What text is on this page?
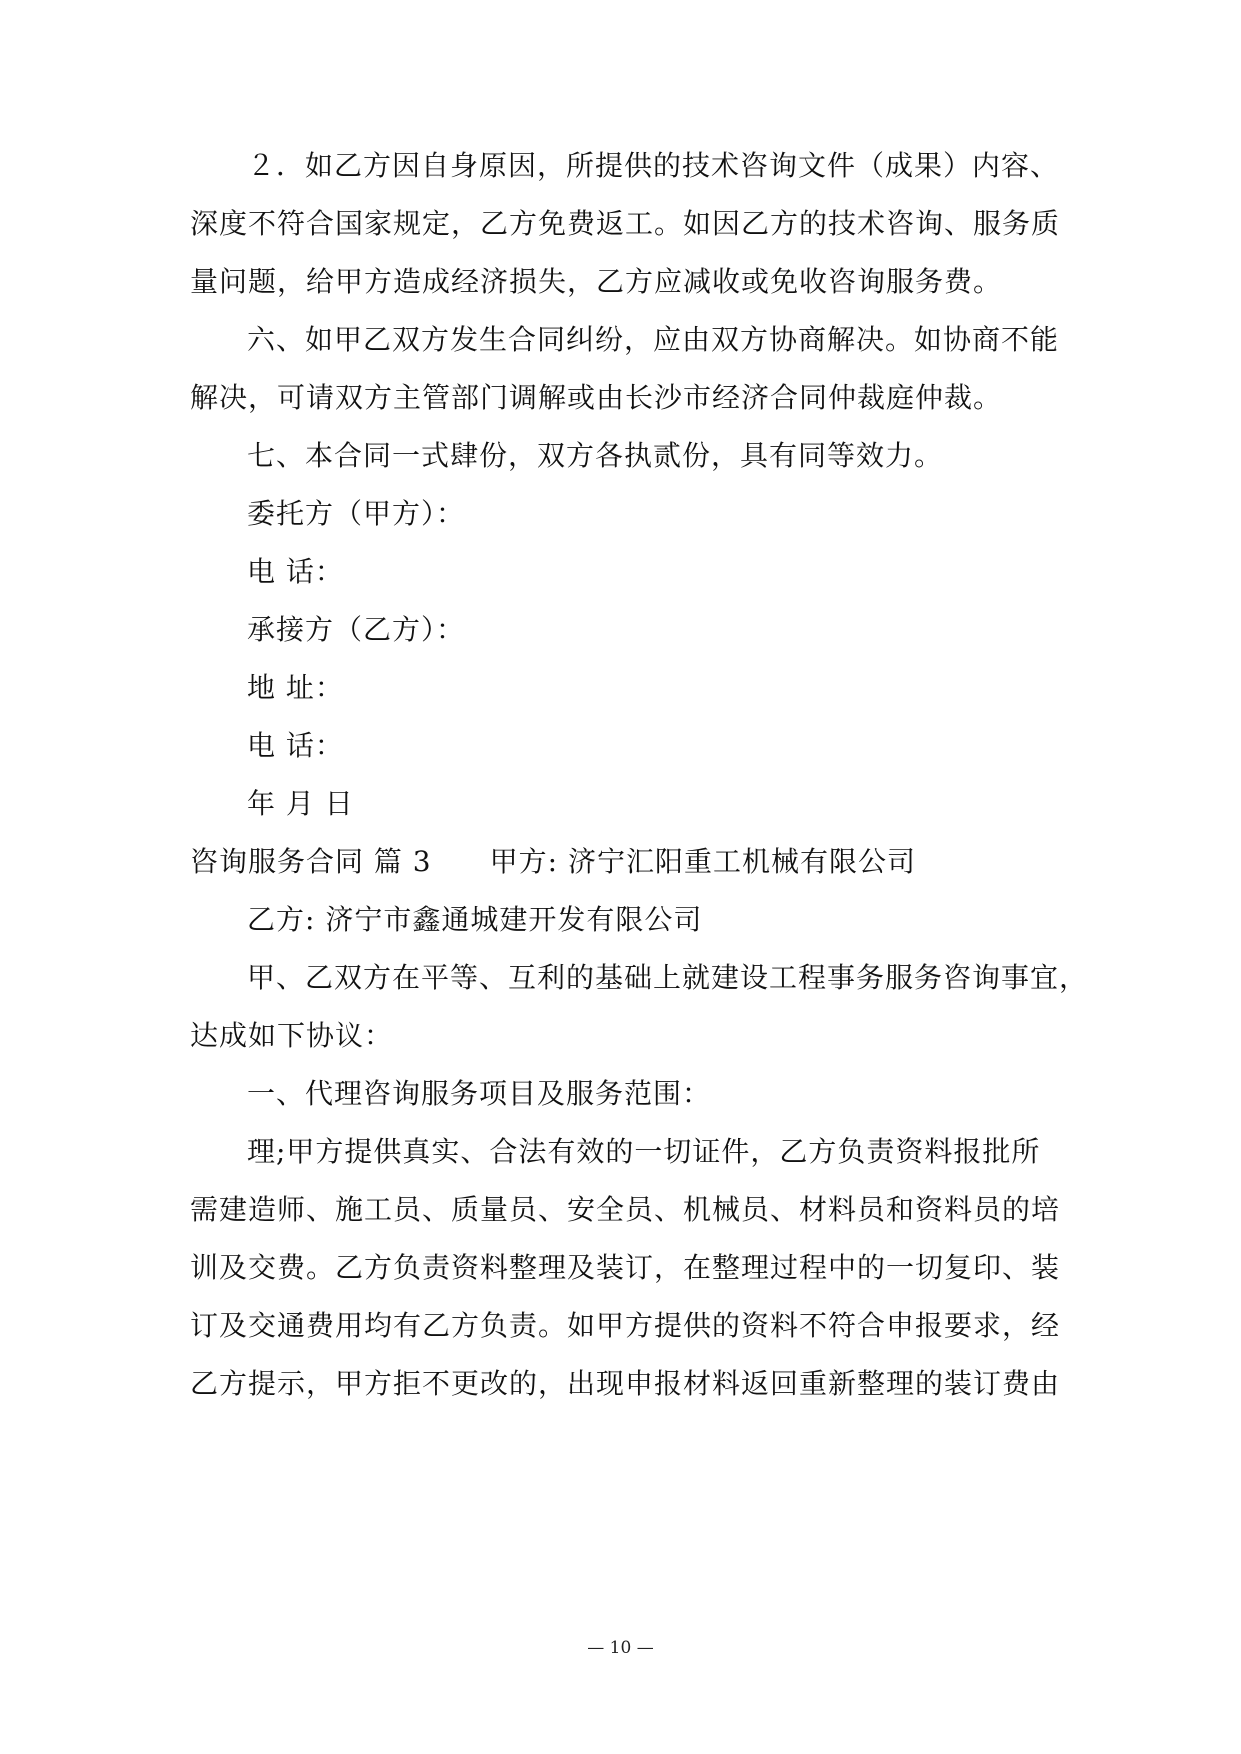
２．如乙方因自身原因，所提供的技术咨询文件（成果）内容、
深度不符合国家规定，乙方免费返工。如因乙方的技术咨询、服务质
量问题，给甲方造成经济损失，乙方应减收或免收咨询服务费。
六、如甲乙双方发生合同纠纷，应由双方协商解决。如协商不能
解决，可请双方主管部门调解或由长沙市经济合同仲裁庭仲裁。
七、本合同一式肆份，双方各执贰份，具有同等效力。
委托方（甲方）：
电 话：
承接方（乙方）：
地 址：
电 话：
年 月 日
咨询服务合同 篇 3　　甲方: 济宁汇阳重工机械有限公司
乙方: 济宁市鑫通城建开发有限公司
甲、乙双方在平等、互利的基础上就建设工程事务服务咨询事宜，
达成如下协议：
一、代理咨询服务项目及服务范围：
理;甲方提供真实、合法有效的一切证件，乙方负责资料报批所
需建造师、施工员、质量员、安全员、机械员、材料员和资料员的培
训及交费。乙方负责资料整理及装订，在整理过程中的一切复印、装
订及交通费用均有乙方负责。如甲方提供的资料不符合申报要求，经
乙方提示，甲方拒不更改的，出现申报材料返回重新整理的装订费由
— 10 —
